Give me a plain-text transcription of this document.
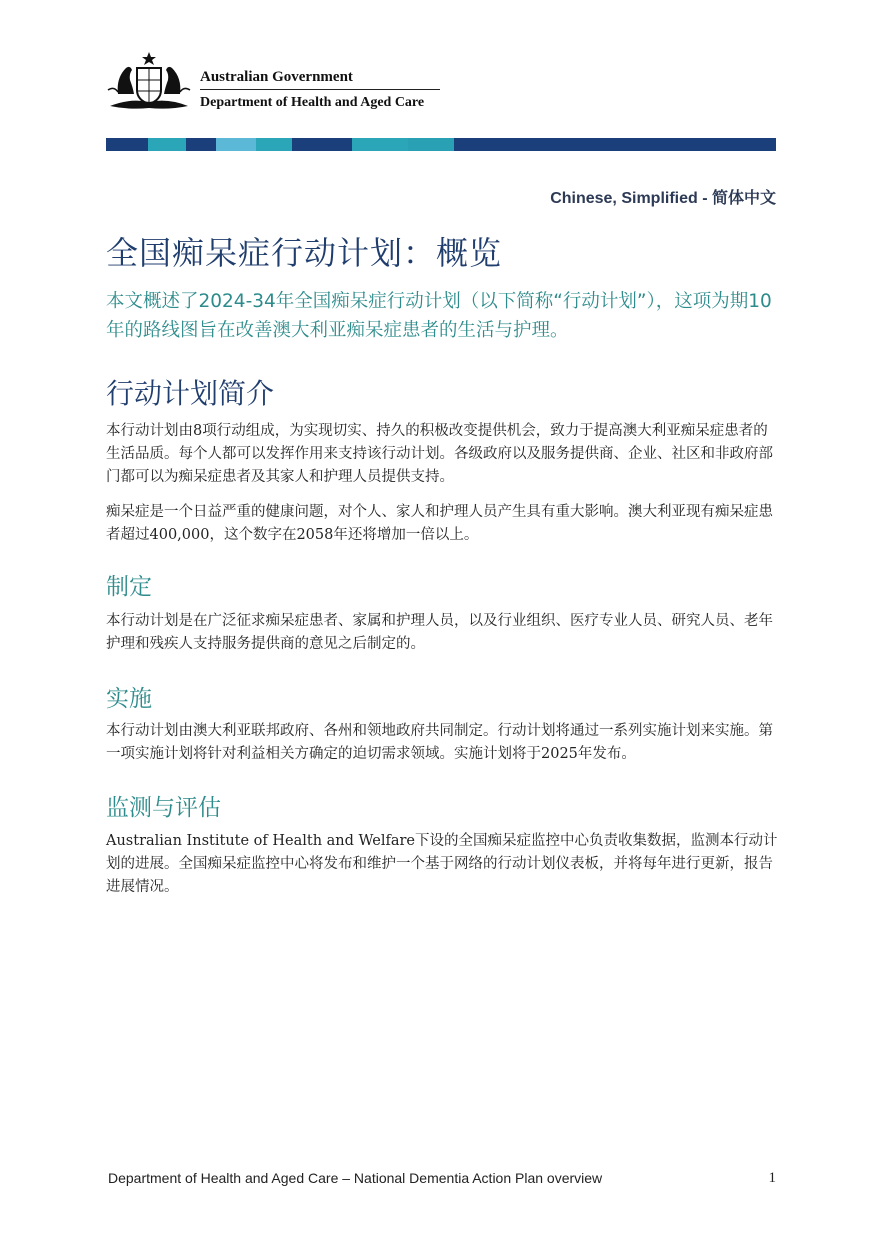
Australian Government
Department of Health and Aged Care
Chinese, Simplified - 简体中文
全国痴呆症行动计划：概览
本文概述了2024-34年全国痴呆症行动计划（以下简称“行动计划”），这项为期10年的路线图旨在改善澳大利亚痴呆症患者的生活与护理。
行动计划简介

本行动计划由8项行动组成，为实现切实、持久的积极改变提供机会，致力于提高澳大利亚痴呆症患者的生活品质。每个人都可以发挥作用来支持该行动计划。各级政府以及服务提供商、企业、社区和非政府部门都可以为痴呆症患者及其家人和护理人员提供支持。

痴呆症是一个日益严重的健康问题，对个人、家人和护理人员产生具有重大影响。澳大利亚现有痴呆症患者超过400,000，这个数字在2058年还将增加一倍以上。

制定

本行动计划是在广泛征求痴呆症患者、家属和护理人员，以及行业组织、医疗专业人员、研究人员、老年护理和残疾人支持服务提供商的意见之后制定的。

实施

本行动计划由澳大利亚联邦政府、各州和领地政府共同制定。行动计划将通过一系列实施计划来实施。第一项实施计划将针对利益相关方确定的迫切需求领域。实施计划将于2025年发布。

监测与评估

Australian Institute of Health and Welfare下设的全国痴呆症监控中心负责收集数据，监测本行动计划的进展。全国痴呆症监控中心将发布和维护一个基于网络的行动计划仪表板，并将每年进行更新，报告进展情况。

Department of Health and Aged Care – National Dementia Action Plan overview	1
